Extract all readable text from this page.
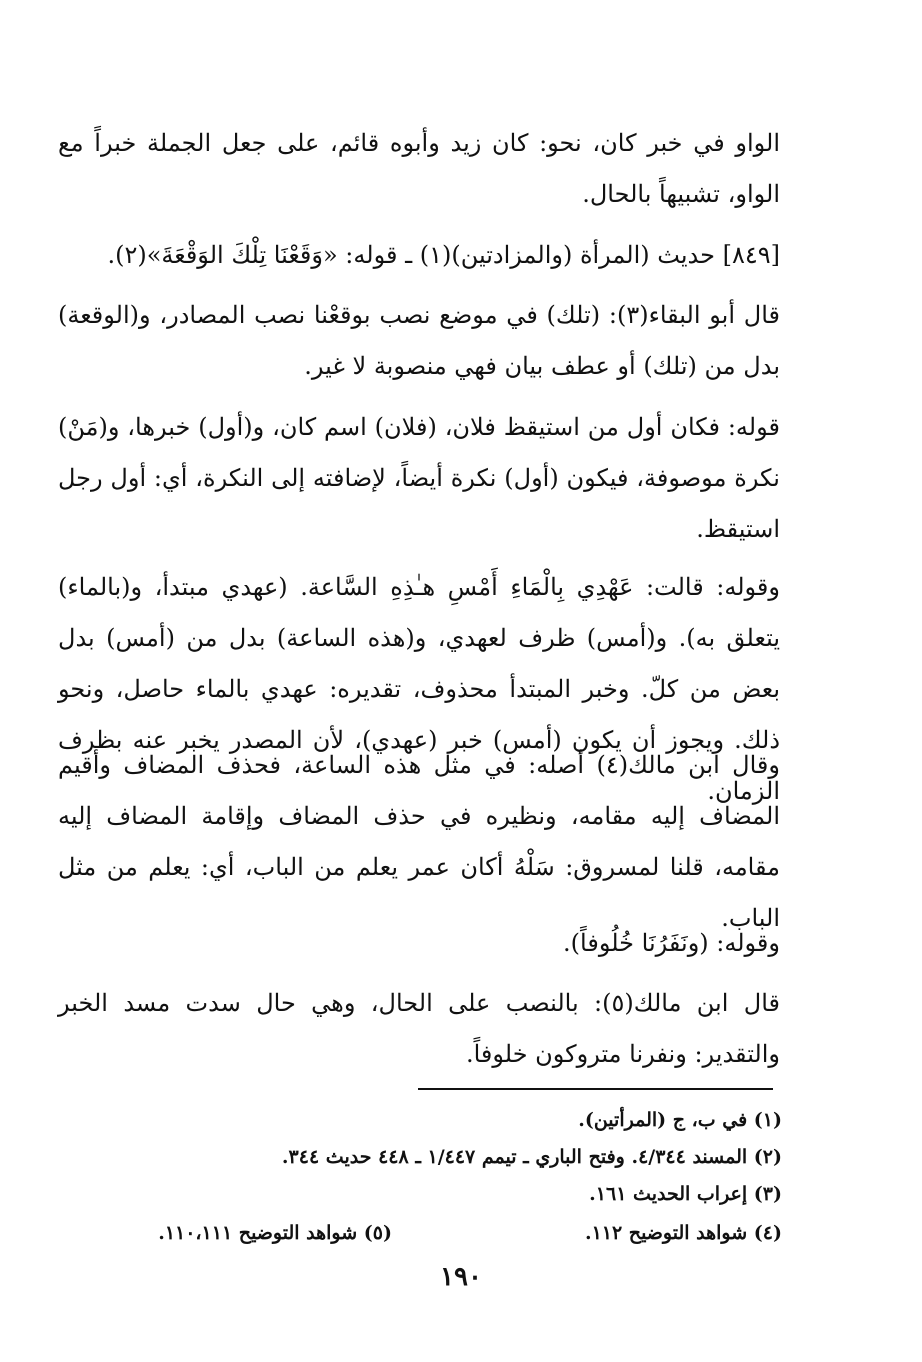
الواو في خبر كان، نحو: كان زيد وأبوه قائم، على جعل الجملة خبراً مع الواو، تشبيهاً بالحال.
[٨٤٩] حديث (المرأة (والمزادتين)(١) ـ قوله: «وَقَعْنَا تِلْكَ الوَقْعَةَ»(٢).
قال أبو البقاء(٣): (تلك) في موضع نصب بوقعْنا نصب المصادر، و(الوقعة) بدل من (تلك) أو عطف بيان فهي منصوبة لا غير.
قوله: فكان أول من استيقظ فلان، (فلان) اسم كان، و(أول) خبرها، و(مَنْ) نكرة موصوفة، فيكون (أول) نكرة أيضاً، لإضافته إلى النكرة، أي: أول رجل استيقظ.
وقوله: قالت: عَهْدِي بِالْمَاءِ أَمْسِ هـٰذِهِ السَّاعة. (عهدي مبتدأ، و(بالماء) يتعلق به). و(أمس) ظرف لعهدي، و(هذه الساعة) بدل من (أمس) بدل بعض من كلّ. وخبر المبتدأ محذوف، تقديره: عهدي بالماء حاصل، ونحو ذلك. ويجوز أن يكون (أمس) خبر (عهدي)، لأن المصدر يخبر عنه بظرف الزمان.
وقال ابن مالك(٤) أصله: في مثل هذه الساعة، فحذف المضاف وأقيم المضاف إليه مقامه، ونظيره في حذف المضاف وإقامة المضاف إليه مقامه، قلنا لمسروق: سَلْهُ أكان عمر يعلم من الباب، أي: يعلم من مثل الباب.
وقوله: (ونَفَرُنَا خُلُوفاً).
قال ابن مالك(٥): بالنصب على الحال، وهي حال سدت مسد الخبر والتقدير: ونفرنا متروكون خلوفاً.
(١) في ب، ج (المرأتين).
(٢) المسند ٤/٣٤٤. وفتح الباري ـ تيمم ١/٤٤٧ ـ ٤٤٨ حديث ٣٤٤.
(٣) إعراب الحديث ١٦١.
(٤) شواهد التوضيح ١١٢.
(٥) شواهد التوضيح ١١٠،١١١.
١٩٠
